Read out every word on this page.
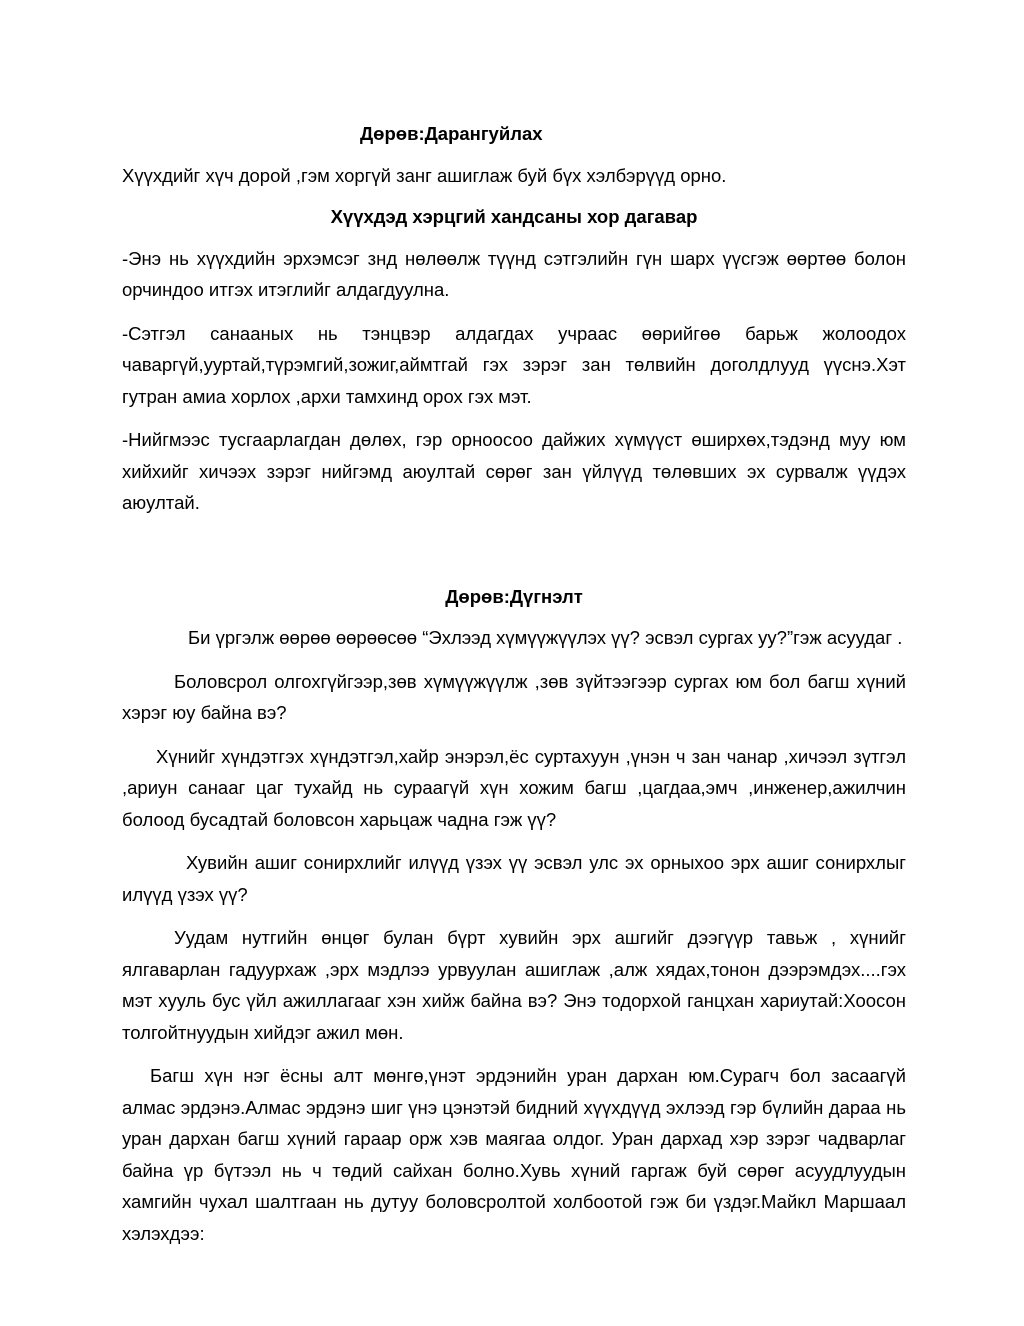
Дөрөв:Дарангуйлах
Хүүхдийг хүч дорой ,гэм хоргүй занг ашиглаж буй бүх хэлбэрүүд орно.
Хүүхдэд хэрцгий хандсаны хор дагавар

-Энэ нь хүүхдийн эрхэмсэг знд нөлөөлж түүнд сэтгэлийн гүн шарх үүсгэж өөртөө болон орчиндоо итгэх итэглийг алдагдуулна.

-Сэтгэл санааных нь тэнцвэр алдагдах учраас өөрийгөө барьж жолоодох чаваргүй,ууртай,түрэмгий,зожиг,аймтгай гэх зэрэг зан төлвийн доголдлууд үүснэ.Хэт гутран амиа хорлох ,архи тамхинд орох гэх мэт.

-Нийгмээс тусгаарлагдан дөлөх, гэр орноосоо дайжих хүмүүст өширхөх,тэдэнд муу юм хийхийг хичээх зэрэг нийгэмд аюултай сөрөг зан үйлүүд төлөвших эх сурвалж үүдэх аюултай.

Дөрөв:Дүгнэлт

Би үргэлж өөрөө өөрөөсөө “Эхлээд хүмүүжүүлэх үү? эсвэл сургах уу?”гэж асуудаг .

Боловсрол олгохгүйгээр,зөв хүмүүжүүлж ,зөв зүйтээгээр сургах юм бол багш хүний хэрэг юу байна вэ?

Хүнийг хүндэтгэх хүндэтгэл,хайр энэрэл,ёс суртахуун ,үнэн ч зан чанар ,хичээл зүтгэл ,ариун санааг цаг тухайд нь сураагүй хүн хожим багш ,цагдаа,эмч ,инженер,ажилчин болоод бусадтай боловсон харьцаж чадна гэж үү?

Хувийн ашиг сонирхлийг илүүд үзэх үү эсвэл улс эх орныхоо эрх ашиг сонирхлыг илүүд үзэх үү?

Уудам нутгийн өнцөг булан бүрт хувийн эрх ашгийг дээгүүр тавьж , хүнийг ялгаварлан гадуурхаж ,эрх мэдлээ урвуулан ашиглаж ,алж хядах,тонон дээрэмдэх....гэх мэт хууль бус үйл ажиллагааг хэн хийж байна вэ? Энэ тодорхой ганцхан хариутай:Хоосон толгойтнуудын хийдэг ажил мөн.

Багш хүн нэг ёсны алт мөнгө,үнэт эрдэнийн уран дархан юм.Сурагч бол засаагүй алмас эрдэнэ.Алмас эрдэнэ шиг үнэ цэнэтэй бидний хүүхдүүд эхлээд гэр бүлийн дараа нь уран дархан багш хүний гараар орж хэв маягаа олдог. Уран дархад хэр зэрэг чадварлаг байна үр бүтээл нь ч төдий сайхан болно.Хувь хүний гаргаж буй сөрөг асуудлуудын хамгийн чухал шалтгаан нь дутуу боловсролтой холбоотой гэж би үздэг.Майкл Маршаал хэлэхдээ:
